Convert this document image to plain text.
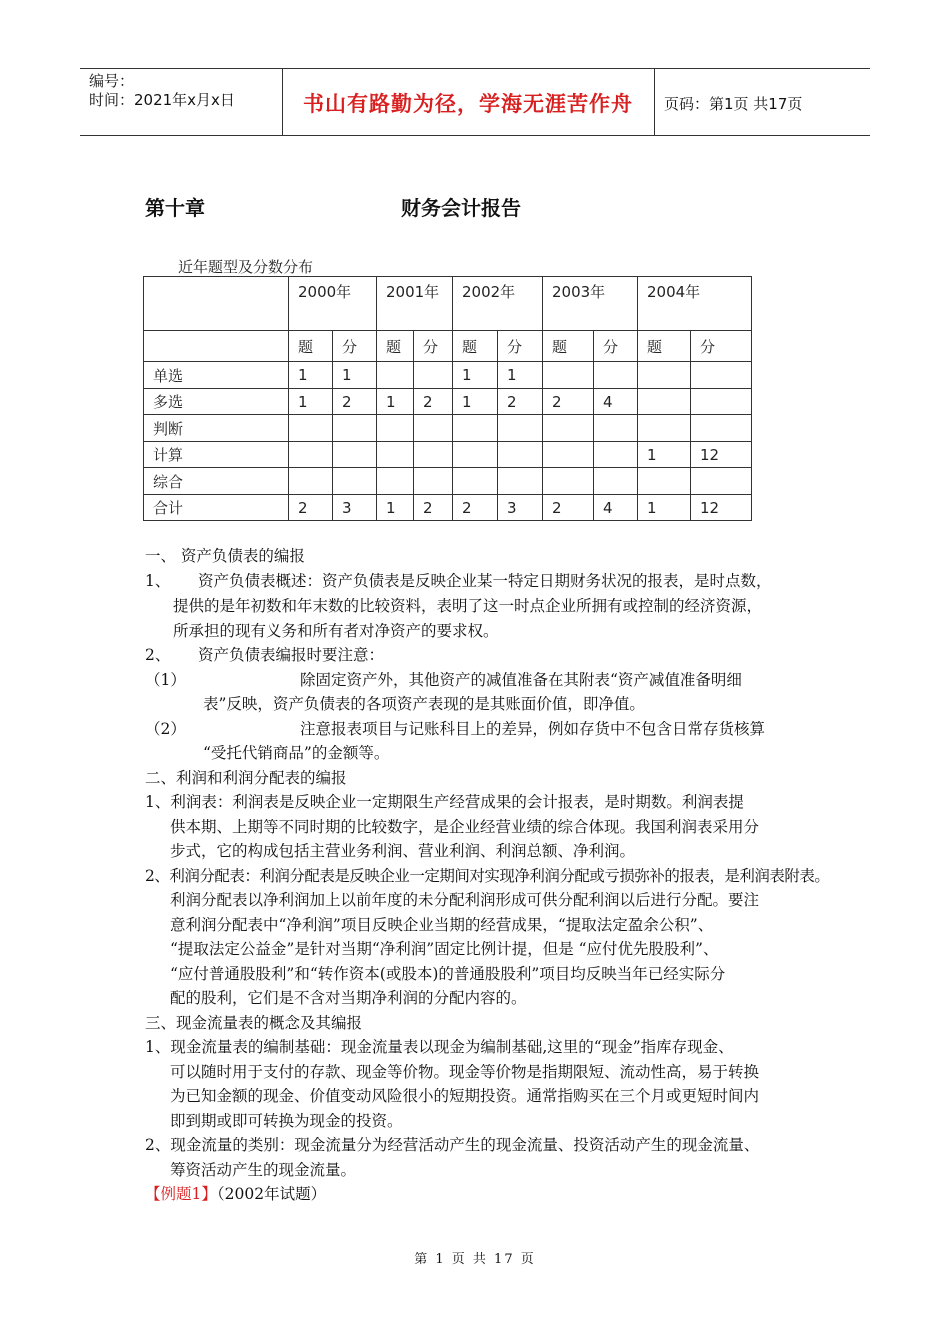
编号：
时间：2021年x月x日	书山有路勤为径，学海无涯苦作舟	页码：第1页 共17页
第十章	财务会计报告
近年题型及分数分布
	2000年		2001年		2002年		2003年		2004年	
	题	分	题	分	题	分	题	分	题	分
单选	1	1			1	1				
多选	1	2	1	2	1	2	2	4		
判断										
计算									1	12
综合										
合计	2	3	1	2	2	3	2	4	1	12
一、 资产负债表的编报
1、 资产负债表概述：资产负债表是反映企业某一特定日期财务状况的报表，是时点数，
提供的是年初数和年末数的比较资料，表明了这一时点企业所拥有或控制的经济资源，
所承担的现有义务和所有者对净资产的要求权。
2、 资产负债表编报时要注意：
（1）	除固定资产外，其他资产的减值准备在其附表“资产减值准备明细
表”反映，资产负债表的各项资产表现的是其账面价值，即净值。
（2）	注意报表项目与记账科目上的差异，例如存货中不包含日常存货核算
“受托代销商品”的金额等。
二、利润和利润分配表的编报
1、利润表：利润表是反映企业一定期限生产经营成果的会计报表，是时期数。利润表提
供本期、上期等不同时期的比较数字，是企业经营业绩的综合体现。我国利润表采用分
步式，它的构成包括主营业务利润、营业利润、利润总额、净利润。
2、利润分配表：利润分配表是反映企业一定期间对实现净利润分配或亏损弥补的报表，是利润表附表。
利润分配表以净利润加上以前年度的未分配利润形成可供分配利润以后进行分配。要注
意利润分配表中“净利润”项目反映企业当期的经营成果，“提取法定盈余公积”、
“提取法定公益金”是针对当期“净利润”固定比例计提，但是 “应付优先股股利”、
“应付普通股股利”和“转作资本(或股本)的普通股股利”项目均反映当年已经实际分
配的股利，它们是不含对当期净利润的分配内容的。
三、现金流量表的概念及其编报
1、现金流量表的编制基础：现金流量表以现金为编制基础,这里的“现金”指库存现金、
可以随时用于支付的存款、现金等价物。现金等价物是指期限短、流动性高，易于转换
为已知金额的现金、价值变动风险很小的短期投资。通常指购买在三个月或更短时间内
即到期或即可转换为现金的投资。
2、现金流量的类别：现金流量分为经营活动产生的现金流量、投资活动产生的现金流量、
筹资活动产生的现金流量。
【例题1】（2002年试题）
第 1 页 共 17 页
